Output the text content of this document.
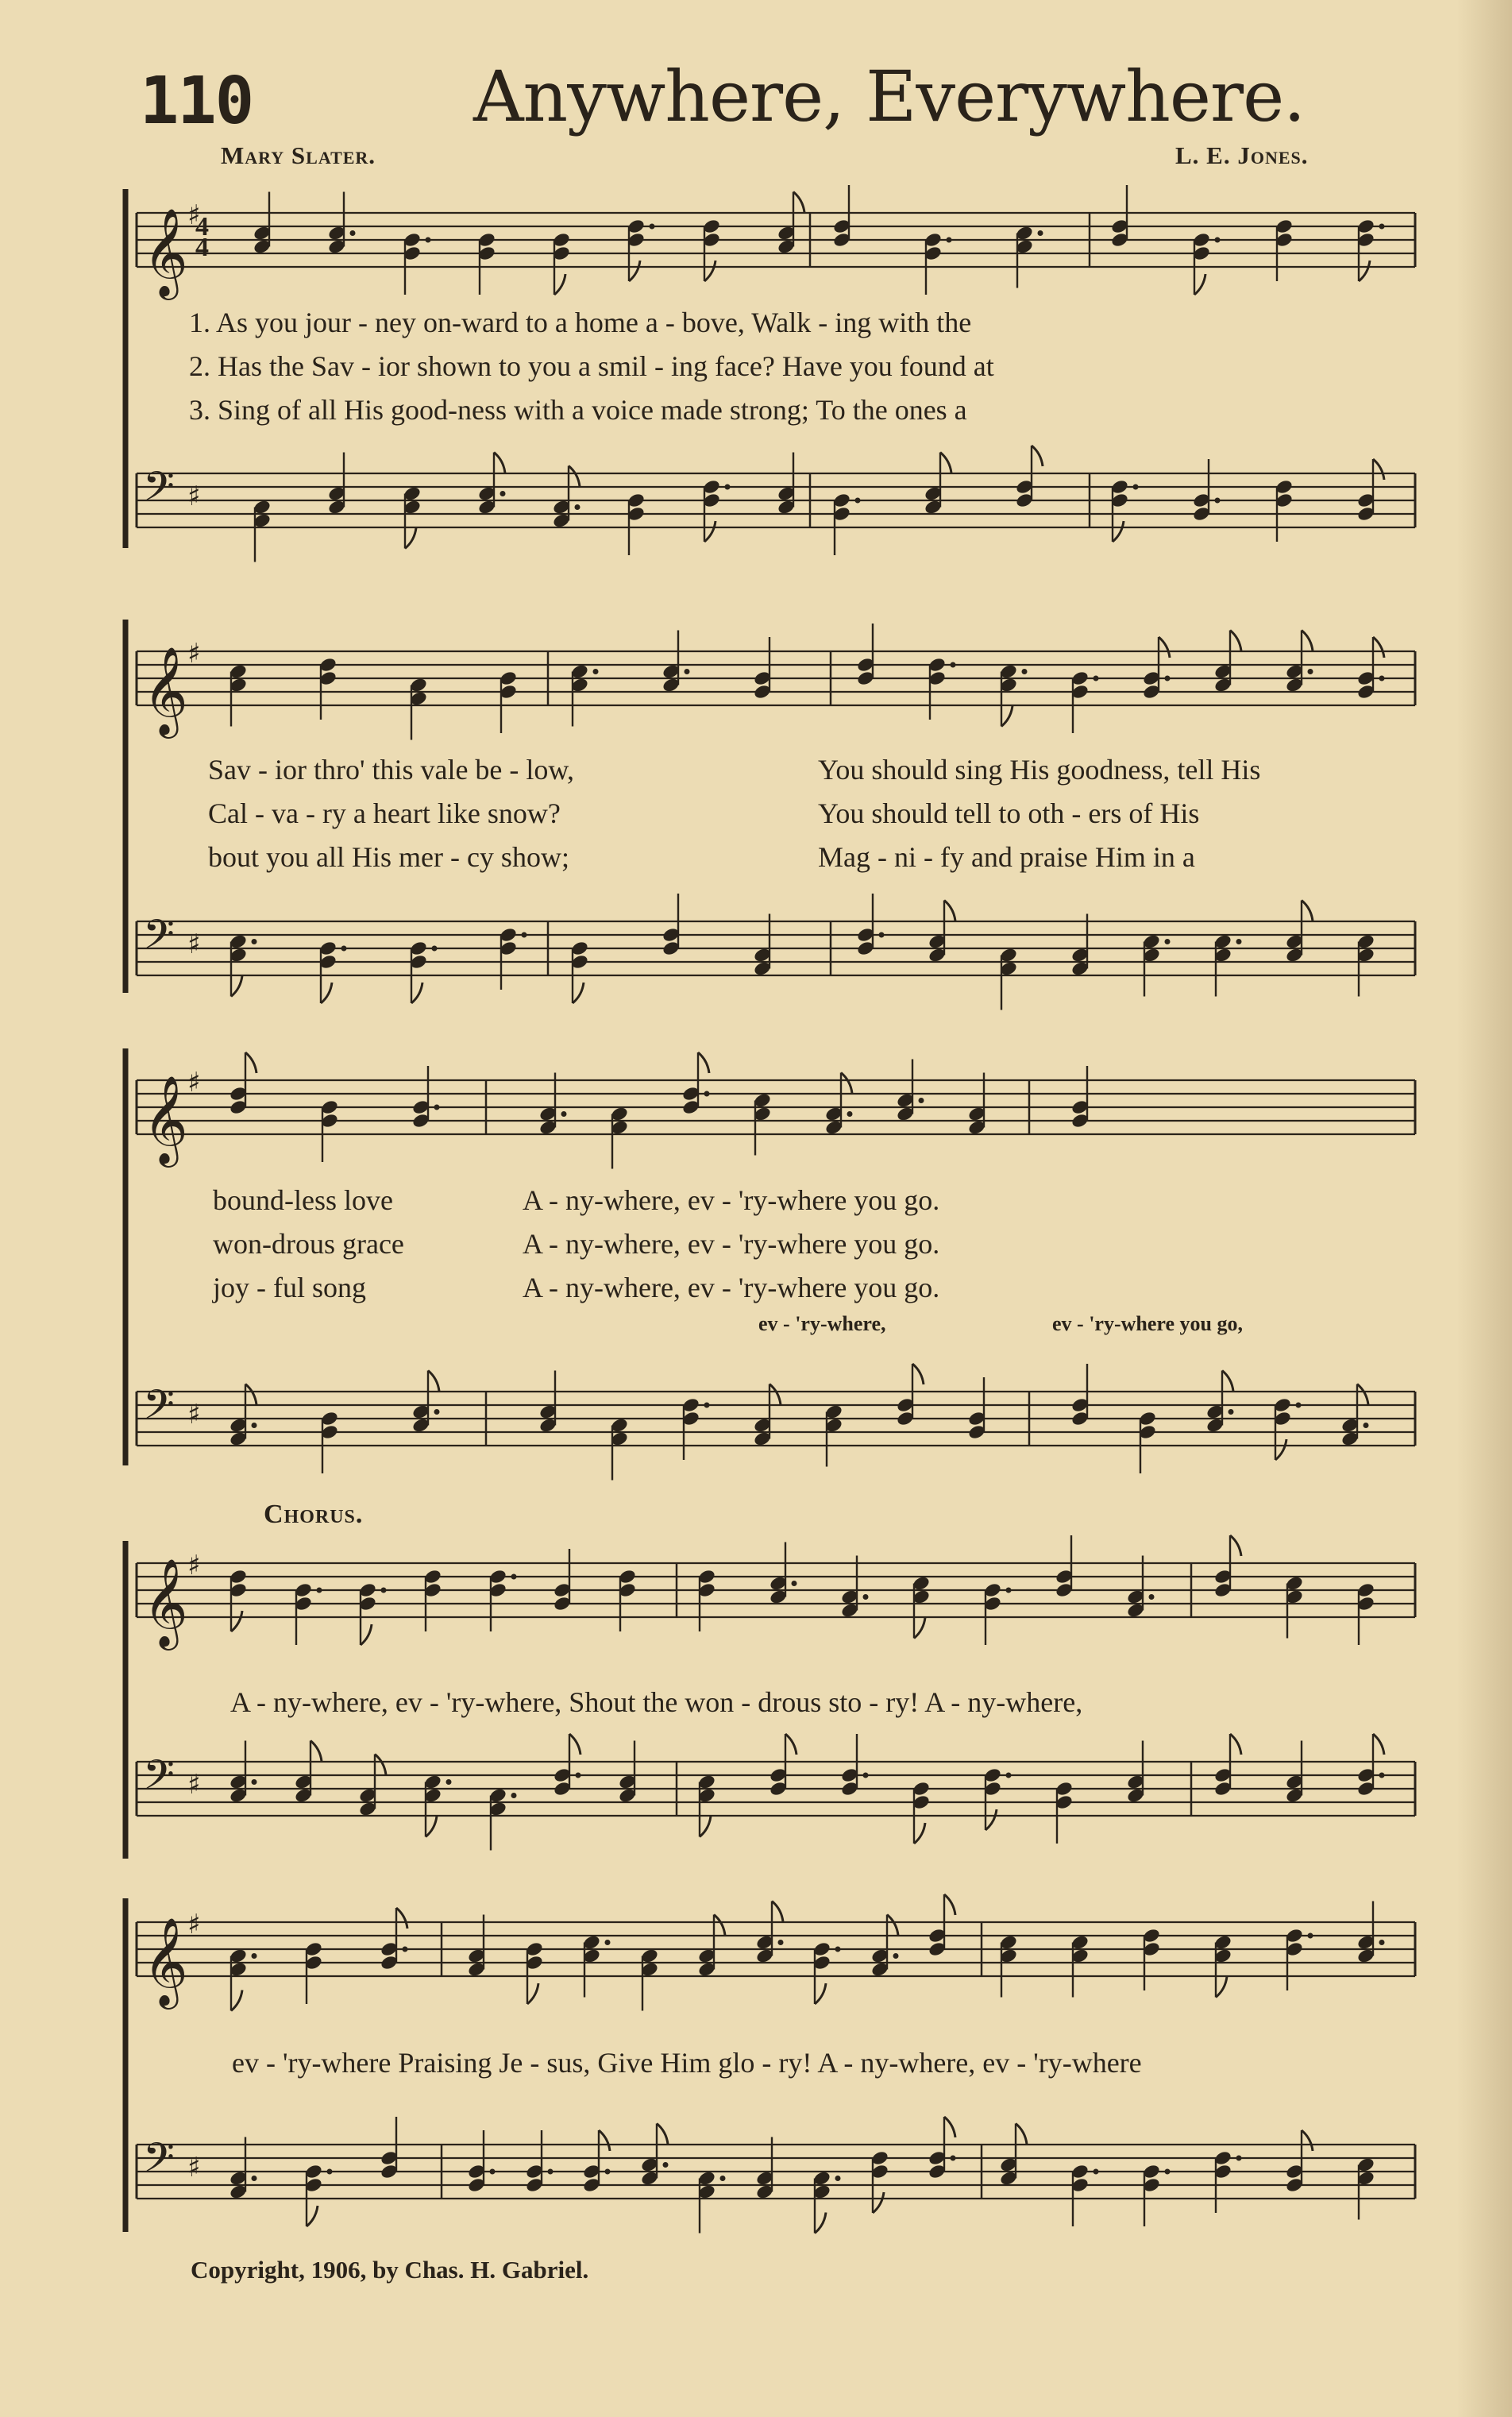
110	Anywhere, Everywhere.
Mary Slater.	L. E. Jones.
𝄞 ♯
4
4
𝄢 ♯
1. As you jour - ney on-ward to a home a - bove, Walk - ing with the
2. Has the Sav - ior shown to you a smil - ing face? Have you found at
3. Sing of all His good-ness with a voice made strong; To the ones a
𝄞 ♯
𝄢 ♯
Sav - ior thro' this vale be - low,	You should sing His goodness, tell His
Cal - va - ry a heart like snow?	You should tell to oth - ers of His
bout you all His mer - cy show;	Mag - ni - fy and praise Him in a
𝄞 ♯
𝄢 ♯
bound-less love
won-drous grace
joy - ful song
A - ny-where, ev - 'ry-where you go.
A - ny-where, ev - 'ry-where you go.
A - ny-where, ev - 'ry-where you go.
ev - 'ry-where,	ev - 'ry-where you go,
Chorus.
𝄞 ♯
𝄢 ♯
A - ny-where, ev - 'ry-where, Shout the won - drous sto - ry! A - ny-where,
𝄞 ♯
𝄢 ♯
ev - 'ry-where Praising Je - sus, Give Him glo - ry! A - ny-where, ev - 'ry-where
Copyright, 1906, by Chas. H. Gabriel.
